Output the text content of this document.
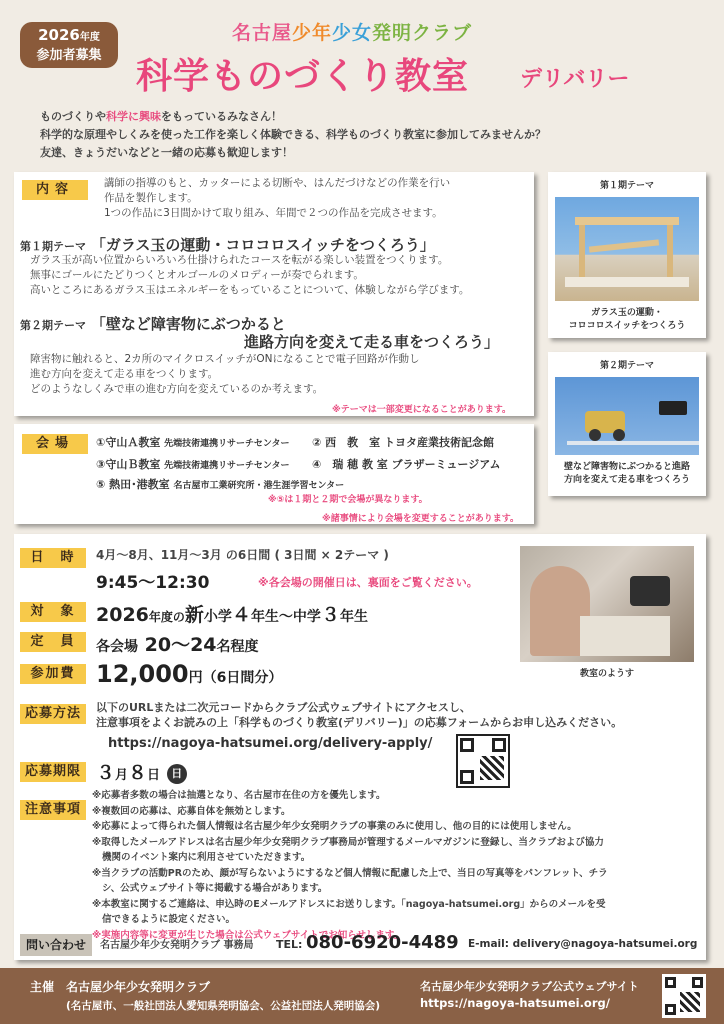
2026年度
参加者募集
名古屋少年少女発明クラブ
科学ものづくり教室 デリバリー
ものづくりや科学に興味をもっているみなさん！
科学的な原理やしくみを使った工作を楽しく体験できる、科学ものづくり教室に参加してみませんか？
友達、きょうだいなどと一緒の応募も歓迎します！
内容	講師の指導のもと、カッターによる切断や、はんだづけなどの作業を行い
作品を製作します。
1つの作品に3日間かけて取り組み、年間で２つの作品を完成させます。
第１期テーマ 「ガラス玉の運動・コロコロスイッチをつくろう」
ガラス玉が高い位置からいろいろ仕掛けられたコースを転がる楽しい装置をつくります。
無事にゴールにたどりつくとオルゴールのメロディーが奏でられます。
高いところにあるガラス玉はエネルギーをもっていることについて、体験しながら学びます。
第２期テーマ 「壁など障害物にぶつかると
進路方向を変えて走る車をつくろう」
障害物に触れると、2カ所のマイクロスイッチがONになることで電子回路が作動し
進む方向を変えて走る車をつくります。
どのようなしくみで車の進む方向を変えているのか考えます。
※テーマは一部変更になることがあります。
第１期テーマ
ガラス玉の運動・
コロコロスイッチをつくろう
第２期テーマ
壁など障害物にぶつかると進路
方向を変えて走る車をつくろう
会場	①守山Ａ教室 先端技術連携リサーチセンター ② 西　教　室 トヨタ産業技術記念館
③守山Ｂ教室 先端技術連携リサーチセンター ④　瑞 穂 教 室 ブラザーミュージアム
⑤ 熱田･港教室 名古屋市工業研究所・港生涯学習センター
※⑤は１期と２期で会場が異なります。
※諸事情により会場を変更することがあります。
日　時	4月～8月、11月～3月 の6日間 ( 3日間 × 2テーマ )
9:45～12:30	※各会場の開催日は、裏面をご覧ください。
教室のようす
対　象	2026年度の新小学４年生～中学３年生
定　員	各会場 20～24名程度
参加費 12,000円（6日間分）
応募方法	以下のURLまたは二次元コードからクラブ公式ウェブサイトにアクセスし、
注意事項をよくお読みの上「科学ものづくり教室(デリバリー)」の応募フォームからお申し込みください。
https://nagoya-hatsumei.org/delivery-apply/
応募期限 ３月８日 日
注意事項
※応募者多数の場合は抽選となり、名古屋市在住の方を優先します。
※複数回の応募は、応募自体を無効とします。
※応募によって得られた個人情報は名古屋少年少女発明クラブの事業のみに使用し、他の目的には使用しません。
※取得したメールアドレスは名古屋少年少女発明クラブ事務局が管理するメールマガジンに登録し、当クラブおよび協力
機関のイベント案内に利用させていただきます。
※当クラブの活動PRのため、顔が写らないようにするなど個人情報に配慮した上で、当日の写真等をパンフレット、チラ
シ、公式ウェブサイト等に掲載する場合があります。
※本教室に関するご連絡は、申込時のEメールアドレスにお送りします。「nagoya-hatsumei.org」からのメールを受
信できるように設定ください。
※実施内容等に変更が生じた場合は公式ウェブサイトでお知らせします。
問い合わせ	名古屋少年少女発明クラブ 事務局 TEL: 080-6920-4489 E-mail: delivery@nagoya-hatsumei.org
主催　 名古屋少年少女発明クラブ
(名古屋市、一般社団法人愛知県発明協会、公益社団法人発明協会)
名古屋少年少女発明クラブ公式ウェブサイト
https://nagoya-hatsumei.org/
